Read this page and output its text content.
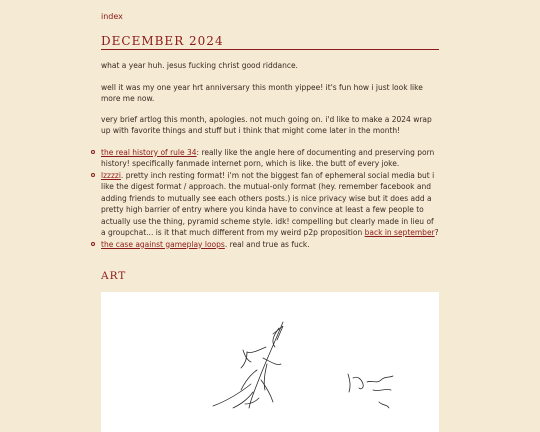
index
DECEMBER 2024

what a year huh. jesus fucking christ good riddance.

well it was my one year hrt anniversary this month yippee! it's fun how i just look like more me now.

very brief artlog this month, apologies. not much going on. i'd like to make a 2024 wrap up with favorite things and stuff but i think that might come later in the month!

the real history of rule 34: really like the angle here of documenting and preserving porn history! specifically fanmade internet porn, which is like. the butt of every joke.
lzzzzi. pretty inch resting format! i'm not the biggest fan of ephemeral social media but i like the digest format / approach. the mutual-only format (hey. remember facebook and adding friends to mutually see each others posts.) is nice privacy wise but it does add a pretty high barrier of entry where you kinda have to convince at least a few people to actually use the thing, pyramid scheme style. idk! compelling but clearly made in lieu of a groupchat... is it that much different from my weird p2p proposition back in september?
the case against gameplay loops. real and true as fuck.
ART
